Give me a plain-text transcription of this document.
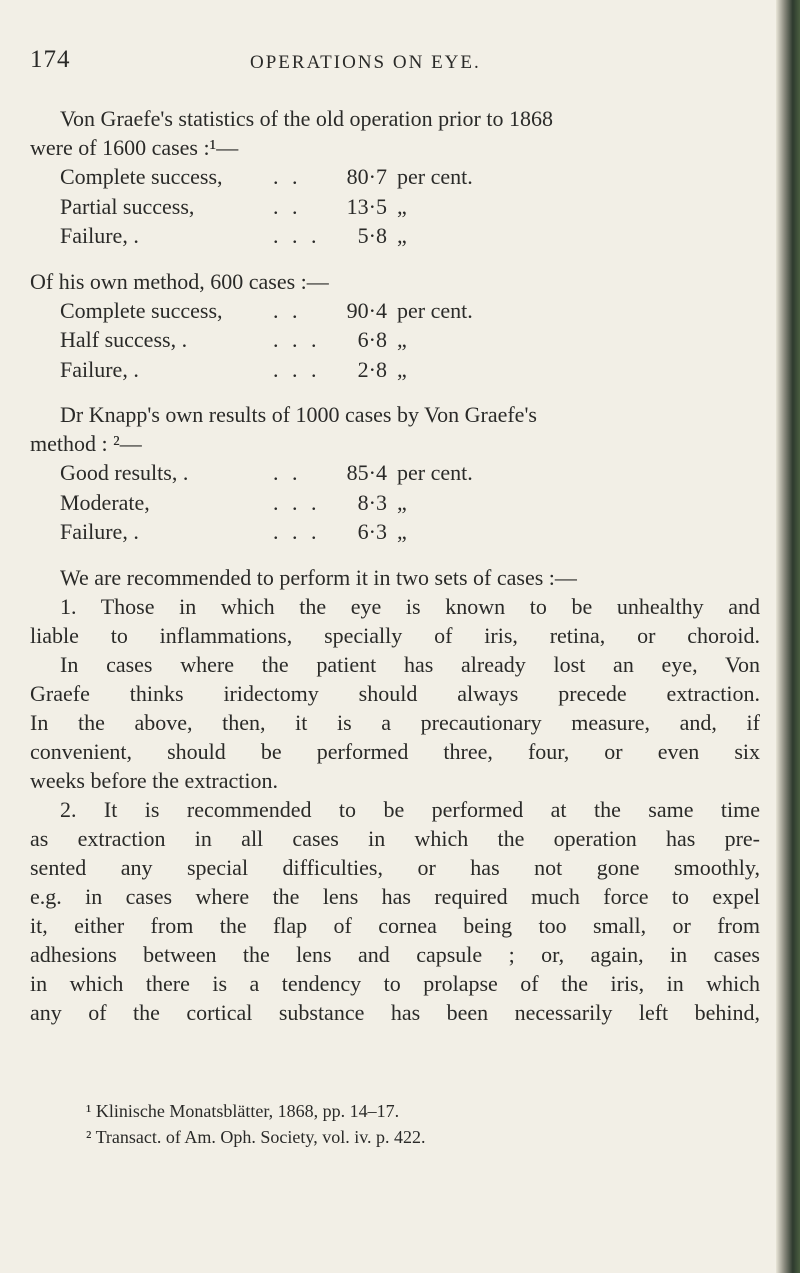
174	OPERATIONS ON EYE.

Von Graefe's statistics of the old operation prior to 1868

were of 1600 cases :¹—

Complete success,	. .	80·7 per cent.
Partial success,	. .	13·5 „
Failure, .	. . .	5·8 „

Of his own method, 600 cases :—

Complete success,	. .	90·4 per cent.
Half success, .	. . .	6·8 „
Failure, .	. . .	2·8 „

Dr Knapp's own results of 1000 cases by Von Graefe's

method : ²—

Good results, .	. .	85·4 per cent.
Moderate,	. . .	8·3 „
Failure, .	. . .	6·3 „

We are recommended to perform it in two sets of cases :—

1. Those in which the eye is known to be unhealthy and

liable to inflammations, specially of iris, retina, or choroid.

In cases where the patient has already lost an eye, Von

Graefe thinks iridectomy should always precede extraction.

In the above, then, it is a precautionary measure, and, if

convenient, should be performed three, four, or even six

weeks before the extraction.

2. It is recommended to be performed at the same time

as extraction in all cases in which the operation has pre-

sented any special difficulties, or has not gone smoothly,

e.g. in cases where the lens has required much force to expel

it, either from the flap of cornea being too small, or from

adhesions between the lens and capsule ; or, again, in cases

in which there is a tendency to prolapse of the iris, in which

any of the cortical substance has been necessarily left behind,

¹ Klinische Monatsblätter, 1868, pp. 14–17.

² Transact. of Am. Oph. Society, vol. iv. p. 422.
